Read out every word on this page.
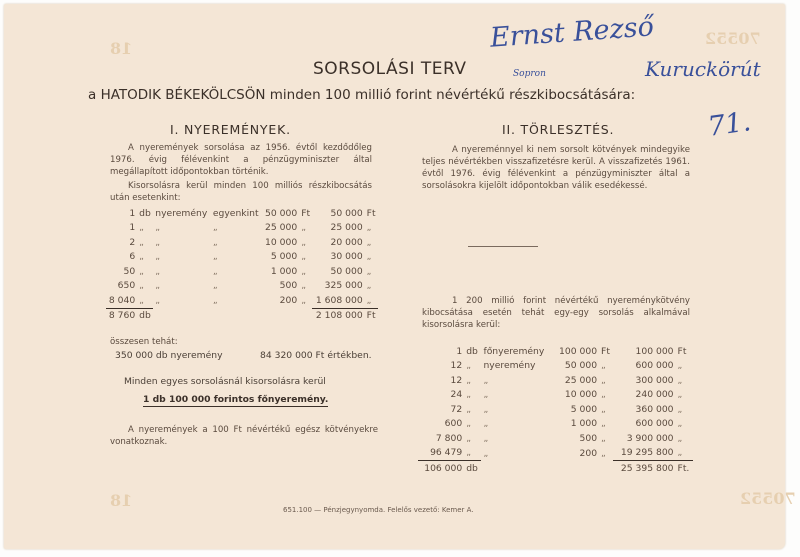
18
70552
18	70552
SORSOLÁSI TERV
a HATODIK BÉKEKÖLCSÖN minden 100 millió forint névértékű részkibocsátására:
Ernst Rezső
Sopron	Kuruckörút
71.
I. NYEREMÉNYEK.
A nyeremények sorsolása az 1956. évtől kezdődőleg 1976. évig félévenkint a pénzügyminiszter által megállapított időpontokban történik.
Kisorsolásra kerül minden 100 milliós részkibocsátás után esetenkint:
1	db	nyeremény	egyenkint	50 000	Ft	50 000	Ft
1	„	„	„	25 000	„	25 000	„
2	„	„	„	10 000	„	20 000	„
6	„	„	„	5 000	„	30 000	„
50	„	„	„	1 000	„	50 000	„
650	„	„	„	500	„	325 000	„
8 040	„	„	„	200	„	1 608 000	„
8 760	db					2 108 000	Ft
összesen tehát:
350 000 db nyeremény	84 320 000 Ft értékben.
Minden egyes sorsolásnál kisorsolásra kerül
1 db 100 000 forintos főnyeremény.
A nyeremények a 100 Ft névértékű egész kötvényekre vonatkoznak.
II. TÖRLESZTÉS.
A nyereménnyel ki nem sorsolt kötvények mindegyike teljes névértékben visszafizetésre kerül. A visszafizetés 1961. évtől 1976. évig félévenkint a pénzügyminiszter által a sorsolásokra kijelölt időpontokban válik esedékessé.
1 200 millió forint névértékű nyereménykötvény kibocsátása esetén tehát egy-egy sorsolás alkalmával kisorsolásra kerül:
1	db	főnyeremény	100 000	Ft	100 000	Ft
12	„	nyeremény	50 000	„	600 000	„
12	„	„	25 000	„	300 000	„
24	„	„	10 000	„	240 000	„
72	„	„	5 000	„	360 000	„
600	„	„	1 000	„	600 000	„
7 800	„	„	500	„	3 900 000	„
96 479	„	„	200	„	19 295 800	„
106 000	db				25 395 800	Ft.
651.100 — Pénzjegynyomda. Felelős vezető: Kemer A.
